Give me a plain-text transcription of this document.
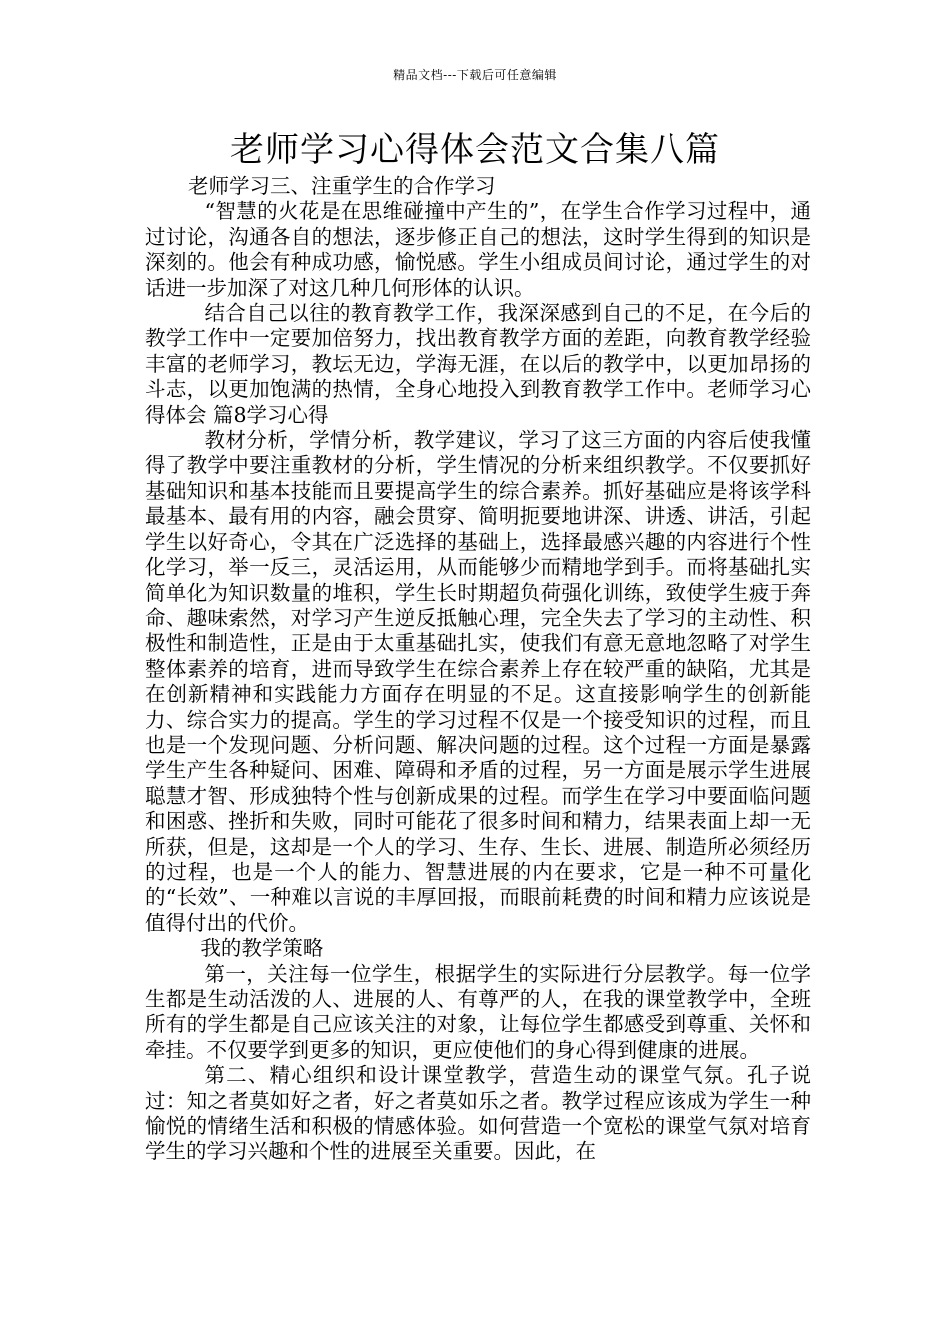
精品文档---下载后可任意编辑
老师学习心得体会范文合集八篇

老师学习三、注重学生的合作学习

“智慧的火花是在思维碰撞中产生的”，在学生合作学习过程中，通过讨论，沟通各自的想法，逐步修正自己的想法，这时学生得到的知识是深刻的。他会有种成功感，愉悦感。学生小组成员间讨论，通过学生的对话进一步加深了对这几种几何形体的认识。

结合自己以往的教育教学工作，我深深感到自己的不足，在今后的教学工作中一定要加倍努力，找出教育教学方面的差距，向教育教学经验丰富的老师学习，教坛无边，学海无涯，在以后的教学中，以更加昂扬的斗志，以更加饱满的热情，全身心地投入到教育教学工作中。老师学习心得体会 篇8学习心得

教材分析，学情分析，教学建议，学习了这三方面的内容后使我懂得了教学中要注重教材的分析，学生情况的分析来组织教学。不仅要抓好基础知识和基本技能而且要提高学生的综合素养。抓好基础应是将该学科最基本、最有用的内容，融会贯穿、简明扼要地讲深、讲透、讲活，引起学生以好奇心，令其在广泛选择的基础上，选择最感兴趣的内容进行个性化学习，举一反三，灵活运用，从而能够少而精地学到手。而将基础扎实简单化为知识数量的堆积，学生长时期超负荷强化训练，致使学生疲于奔命、趣味索然，对学习产生逆反抵触心理，完全失去了学习的主动性、积极性和制造性，正是由于太重基础扎实，使我们有意无意地忽略了对学生整体素养的培育，进而导致学生在综合素养上存在较严重的缺陷，尤其是在创新精神和实践能力方面存在明显的不足。这直接影响学生的创新能力、综合实力的提高。学生的学习过程不仅是一个接受知识的过程，而且也是一个发现问题、分析问题、解决问题的过程。这个过程一方面是暴露学生产生各种疑问、困难、障碍和矛盾的过程，另一方面是展示学生进展聪慧才智、形成独特个性与创新成果的过程。而学生在学习中要面临问题和困惑、挫折和失败，同时可能花了很多时间和精力，结果表面上却一无所获，但是，这却是一个人的学习、生存、生长、进展、制造所必须经历的过程，也是一个人的能力、智慧进展的内在要求，它是一种不可量化的“长效”、一种难以言说的丰厚回报，而眼前耗费的时间和精力应该说是值得付出的代价。

我的教学策略

第一，关注每一位学生，根据学生的实际进行分层教学。每一位学生都是生动活泼的人、进展的人、有尊严的人，在我的课堂教学中，全班所有的学生都是自己应该关注的对象，让每位学生都感受到尊重、关怀和牵挂。不仅要学到更多的知识，更应使他们的身心得到健康的进展。

第二、精心组织和设计课堂教学，营造生动的课堂气氛。孔子说过：知之者莫如好之者，好之者莫如乐之者。教学过程应该成为学生一种愉悦的情绪生活和积极的情感体验。如何营造一个宽松的课堂气氛对培育学生的学习兴趣和个性的进展至关重要。因此，在
